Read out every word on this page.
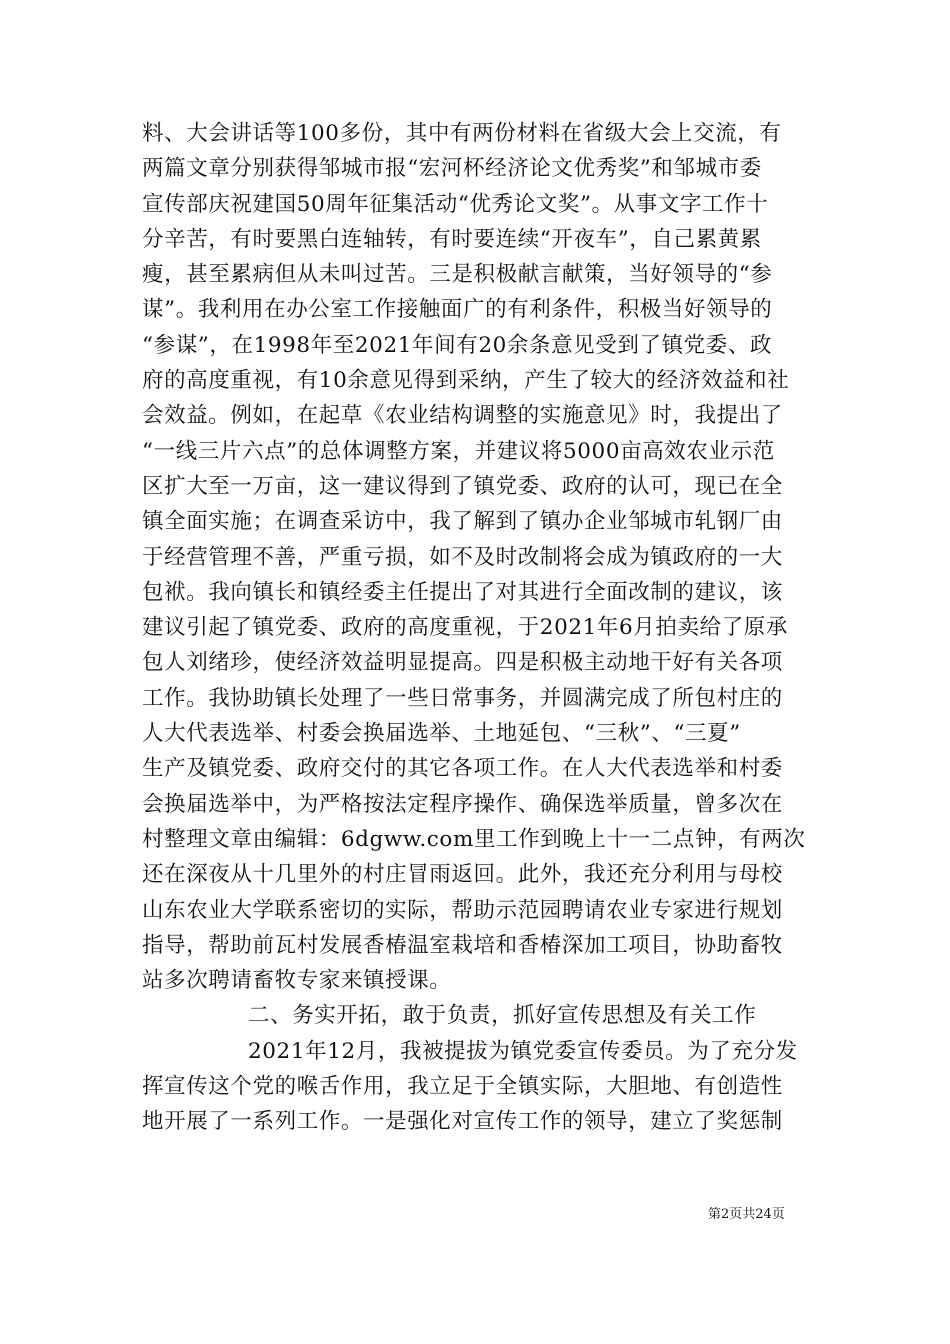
料、大会讲话等100多份，其中有两份材料在省级大会上交流，有
两篇文章分别获得邹城市报“宏河杯经济论文优秀奖”和邹城市委
宣传部庆祝建国50周年征集活动“优秀论文奖”。从事文字工作十
分辛苦，有时要黑白连轴转，有时要连续“开夜车”，自己累黄累
瘦，甚至累病但从未叫过苦。三是积极献言献策，当好领导的“参
谋”。我利用在办公室工作接触面广的有利条件，积极当好领导的
“参谋”，在1998年至2021年间有20余条意见受到了镇党委、政
府的高度重视，有10余意见得到采纳，产生了较大的经济效益和社
会效益。例如，在起草《农业结构调整的实施意见》时，我提出了
“一线三片六点”的总体调整方案，并建议将5000亩高效农业示范
区扩大至一万亩，这一建议得到了镇党委、政府的认可，现已在全
镇全面实施；在调查采访中，我了解到了镇办企业邹城市轧钢厂由
于经营管理不善，严重亏损，如不及时改制将会成为镇政府的一大
包袱。我向镇长和镇经委主任提出了对其进行全面改制的建议，该
建议引起了镇党委、政府的高度重视，于2021年6月拍卖给了原承
包人刘绪珍，使经济效益明显提高。四是积极主动地干好有关各项
工作。我协助镇长处理了一些日常事务，并圆满完成了所包村庄的
人大代表选举、村委会换届选举、土地延包、“三秋”、“三夏”
生产及镇党委、政府交付的其它各项工作。在人大代表选举和村委
会换届选举中，为严格按法定程序操作、确保选举质量，曾多次在
村整理文章由编辑：6dgww.com里工作到晚上十一二点钟，有两次
还在深夜从十几里外的村庄冒雨返回。此外，我还充分利用与母校
山东农业大学联系密切的实际，帮助示范园聘请农业专家进行规划
指导，帮助前瓦村发展香椿温室栽培和香椿深加工项目，协助畜牧
站多次聘请畜牧专家来镇授课。
二、务实开拓，敢于负责，抓好宣传思想及有关工作
2021年12月，我被提拔为镇党委宣传委员。为了充分发
挥宣传这个党的喉舌作用，我立足于全镇实际，大胆地、有创造性
地开展了一系列工作。一是强化对宣传工作的领导，建立了奖惩制
第2页共24页
